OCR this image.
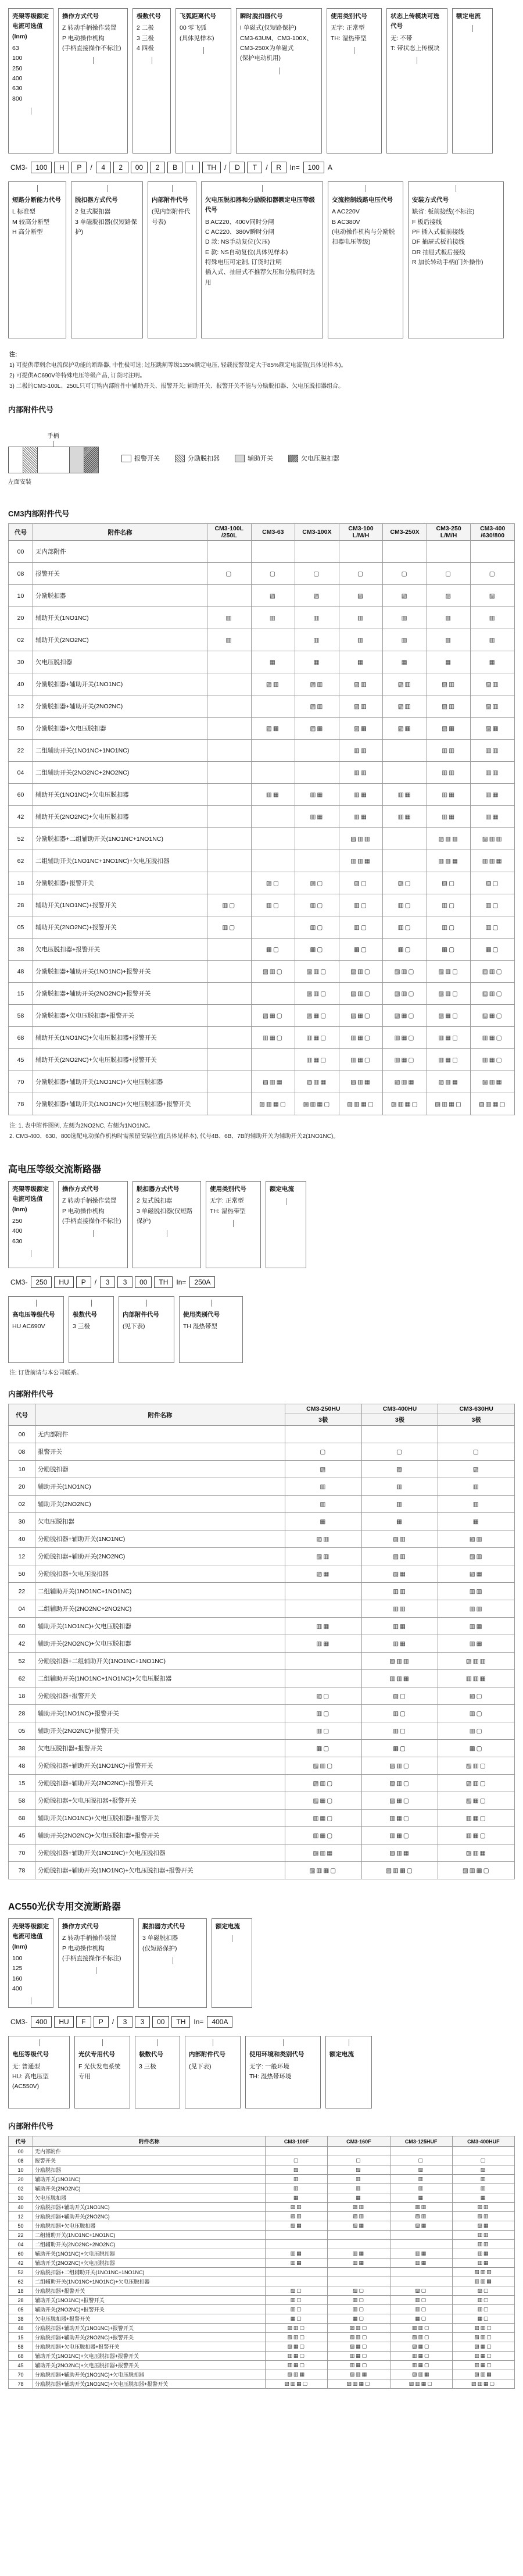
壳架等级额定电流可选值(Inm)
63
100
250
400
630
800
操作方式代号
Z 转动手柄操作装置
P 电动操作机构
(手柄直接操作不标注)
极数代号
2 二极
3 三极
4 四极
飞弧距离代号
00 零飞弧
(具体见样本)
瞬时脱扣器代号
I 单磁式(仅短路保护)
CM3-63UM、CM3-100X、
CM3-250X为单磁式
(保护电动机用)
使用类别代号
无字: 正常型
TH: 湿热带型
状态上传模块可选代号
无: 不带
T: 带状态上传模块
额定电流
CM3-	100	H	P	/	4	2	00	2	B	I	TH	/	D	T	/	R	In=	100	A
短路分断能力代号
L 标准型
M 较高分断型
H 高分断型
脱扣器方式代号
2 复式脱扣器
3 单磁脱扣器(仅短路保护)
内部附件代号
(见内部附件代号表)
欠电压脱扣器和分励脱扣器额定电压等级代号
B AC220、400V同时分闸
C AC220、380V瞬时分闸
D 款: NS手动复位(欠压)
E 款: NS自动复位(具体见样本)
特殊电压可定制, 订货时注明
插入式、抽屉式不推荐欠压和分励同时选用
交流控制线路电压代号
A AC220V
B AC380V
(电动操作机构与分励脱扣器电压等级)
安装方式代号
缺省: 板前接线(不标注)
F 板后接线
PF 插入式板前接线
DF 抽屉式板前接线
DR 抽屉式板后接线
R 加长转动手柄(门外操作)
注:
1) 可提供带剩余电流保护功能的断路器, 中性极可选; 过压跳闸等级135%额定电压, 轻载报警设定大于85%额定电流值(具体见样本)。
2) 可提供AC690V等特殊电压等级产品, 订货时注明。
3) 二极的CM3-100L、250L只可订购内部附件中辅助开关、报警开关; 辅助开关、报警开关不能与分励脱扣器、欠电压脱扣器组合。
内部附件代号
手柄
左面安装
报警开关	分励脱扣器	辅助开关	欠电压脱扣器
CM3内部附件代号
代号	附件名称	CM3-100L /250L	CM3-63	CM3-100X	CM3-100 L/M/H	CM3-250X	CM3-250 L/M/H	CM3-400 /630/800
00	无内部附件							
08	报警开关	▢	▢	▢	▢	▢	▢	▢
10	分励脱扣器		▨	▨	▨	▨	▨	▨
20	辅助开关(1NO1NC)	▥	▥	▥	▥	▥	▥	▥
02	辅助开关(2NO2NC)	▥		▥	▥	▥	▥	▥
30	欠电压脱扣器		▦	▦	▦	▦	▦	▦
40	分励脱扣器+辅助开关(1NO1NC)		▨▥	▨▥	▨▥	▨▥	▨▥	▨▥
12	分励脱扣器+辅助开关(2NO2NC)			▨▥	▨▥	▨▥	▨▥	▨▥
50	分励脱扣器+欠电压脱扣器		▨▦	▨▦	▨▦	▨▦	▨▦	▨▦
22	二组辅助开关(1NO1NC+1NO1NC)				▥▥		▥▥	▥▥
04	二组辅助开关(2NO2NC+2NO2NC)				▥▥		▥▥	▥▥
60	辅助开关(1NO1NC)+欠电压脱扣器		▥▦	▥▦	▥▦	▥▦	▥▦	▥▦
42	辅助开关(2NO2NC)+欠电压脱扣器			▥▦	▥▦	▥▦	▥▦	▥▦
52	分励脱扣器+二组辅助开关(1NO1NC+1NO1NC)				▨▥▥		▨▥▥	▨▥▥
62	二组辅助开关(1NO1NC+1NO1NC)+欠电压脱扣器				▥▥▦		▥▥▦	▥▥▦
18	分励脱扣器+报警开关		▨▢	▨▢	▨▢	▨▢	▨▢	▨▢
28	辅助开关(1NO1NC)+报警开关	▥▢	▥▢	▥▢	▥▢	▥▢	▥▢	▥▢
05	辅助开关(2NO2NC)+报警开关	▥▢		▥▢	▥▢	▥▢	▥▢	▥▢
38	欠电压脱扣器+报警开关		▦▢	▦▢	▦▢	▦▢	▦▢	▦▢
48	分励脱扣器+辅助开关(1NO1NC)+报警开关		▨▥▢	▨▥▢	▨▥▢	▨▥▢	▨▥▢	▨▥▢
15	分励脱扣器+辅助开关(2NO2NC)+报警开关			▨▥▢	▨▥▢	▨▥▢	▨▥▢	▨▥▢
58	分励脱扣器+欠电压脱扣器+报警开关		▨▦▢	▨▦▢	▨▦▢	▨▦▢	▨▦▢	▨▦▢
68	辅助开关(1NO1NC)+欠电压脱扣器+报警开关		▥▦▢	▥▦▢	▥▦▢	▥▦▢	▥▦▢	▥▦▢
45	辅助开关(2NO2NC)+欠电压脱扣器+报警开关			▥▦▢	▥▦▢	▥▦▢	▥▦▢	▥▦▢
70	分励脱扣器+辅助开关(1NO1NC)+欠电压脱扣器		▨▥▦	▨▥▦	▨▥▦	▨▥▦	▨▥▦	▨▥▦
78	分励脱扣器+辅助开关(1NO1NC)+欠电压脱扣器+报警开关		▨▥▦▢	▨▥▦▢	▨▥▦▢	▨▥▦▢	▨▥▦▢	▨▥▦▢
注: 1. 表中附件图例, 左侧为2NO2NC, 右侧为1NO1NC。
2. CM3-400、630、800选配电动操作机构时需预留安装位置(具体见样本), 代号4B、6B、7B的辅助开关为辅助开关2(1NO1NC)。
高电压等级交流断路器
壳架等级额定电流可选值(Inm)
250
400
630
操作方式代号
Z 转动手柄操作装置
P 电动操作机构
(手柄直接操作不标注)
脱扣器方式代号
2 复式脱扣器
3 单磁脱扣器(仅短路保护)
使用类别代号
无字: 正常型
TH: 湿热带型
额定电流
CM3-	250	HU	P	/	3	3	00	TH	In=	250A
高电压等级代号
HU AC690V
极数代号
3 三极
内部附件代号
(见下表)
使用类别代号
TH 湿热带型
注: 订货前请与本公司联系。
内部附件代号
代号	附件名称	CM3-250HU	CM3-400HU	CM3-630HU
		3极	3极	3极
00	无内部附件			
08	报警开关	▢	▢	▢
10	分励脱扣器	▨	▨	▨
20	辅助开关(1NO1NC)	▥	▥	▥
02	辅助开关(2NO2NC)	▥	▥	▥
30	欠电压脱扣器	▦	▦	▦
40	分励脱扣器+辅助开关(1NO1NC)	▨▥	▨▥	▨▥
12	分励脱扣器+辅助开关(2NO2NC)	▨▥	▨▥	▨▥
50	分励脱扣器+欠电压脱扣器	▨▦	▨▦	▨▦
22	二组辅助开关(1NO1NC+1NO1NC)		▥▥	▥▥
04	二组辅助开关(2NO2NC+2NO2NC)		▥▥	▥▥
60	辅助开关(1NO1NC)+欠电压脱扣器	▥▦	▥▦	▥▦
42	辅助开关(2NO2NC)+欠电压脱扣器	▥▦	▥▦	▥▦
52	分励脱扣器+二组辅助开关(1NO1NC+1NO1NC)		▨▥▥	▨▥▥
62	二组辅助开关(1NO1NC+1NO1NC)+欠电压脱扣器		▥▥▦	▥▥▦
18	分励脱扣器+报警开关	▨▢	▨▢	▨▢
28	辅助开关(1NO1NC)+报警开关	▥▢	▥▢	▥▢
05	辅助开关(2NO2NC)+报警开关	▥▢	▥▢	▥▢
38	欠电压脱扣器+报警开关	▦▢	▦▢	▦▢
48	分励脱扣器+辅助开关(1NO1NC)+报警开关	▨▥▢	▨▥▢	▨▥▢
15	分励脱扣器+辅助开关(2NO2NC)+报警开关	▨▥▢	▨▥▢	▨▥▢
58	分励脱扣器+欠电压脱扣器+报警开关	▨▦▢	▨▦▢	▨▦▢
68	辅助开关(1NO1NC)+欠电压脱扣器+报警开关	▥▦▢	▥▦▢	▥▦▢
45	辅助开关(2NO2NC)+欠电压脱扣器+报警开关	▥▦▢	▥▦▢	▥▦▢
70	分励脱扣器+辅助开关(1NO1NC)+欠电压脱扣器	▨▥▦	▨▥▦	▨▥▦
78	分励脱扣器+辅助开关(1NO1NC)+欠电压脱扣器+报警开关	▨▥▦▢	▨▥▦▢	▨▥▦▢
AC550光伏专用交流断路器
壳架等级额定电流可选值(Inm)
100
125
160
400
操作方式代号
Z 转动手柄操作装置
P 电动操作机构
(手柄直接操作不标注)
脱扣器方式代号
3 单磁脱扣器
(仅短路保护)
额定电流
CM3-	400	HU	F	P	/	3	3	00	TH	In=	400A
电压等级代号
无: 普通型
HU: 高电压型(AC550V)
光伏专用代号
F 光伏发电系统专用
极数代号
3 三极
内部附件代号
(见下表)
使用环境和类别代号
无字: 一般环境
TH: 湿热带环境
额定电流
内部附件代号
代号	附件名称	CM3-100F	CM3-160F	CM3-125HUF	CM3-400HUF
00	无内部附件				
08	报警开关	▢	▢	▢	▢
10	分励脱扣器	▨	▨	▨	▨
20	辅助开关(1NO1NC)	▥	▥	▥	▥
02	辅助开关(2NO2NC)	▥	▥	▥	▥
30	欠电压脱扣器	▦	▦	▦	▦
40	分励脱扣器+辅助开关(1NO1NC)	▨▥	▨▥	▨▥	▨▥
12	分励脱扣器+辅助开关(2NO2NC)	▨▥	▨▥	▨▥	▨▥
50	分励脱扣器+欠电压脱扣器	▨▦	▨▦	▨▦	▨▦
22	二组辅助开关(1NO1NC+1NO1NC)				▥▥
04	二组辅助开关(2NO2NC+2NO2NC)				▥▥
60	辅助开关(1NO1NC)+欠电压脱扣器	▥▦	▥▦	▥▦	▥▦
42	辅助开关(2NO2NC)+欠电压脱扣器	▥▦	▥▦	▥▦	▥▦
52	分励脱扣器+二组辅助开关(1NO1NC+1NO1NC)				▨▥▥
62	二组辅助开关(1NO1NC+1NO1NC)+欠电压脱扣器				▥▥▦
18	分励脱扣器+报警开关	▨▢	▨▢	▨▢	▨▢
28	辅助开关(1NO1NC)+报警开关	▥▢	▥▢	▥▢	▥▢
05	辅助开关(2NO2NC)+报警开关	▥▢	▥▢	▥▢	▥▢
38	欠电压脱扣器+报警开关	▦▢	▦▢	▦▢	▦▢
48	分励脱扣器+辅助开关(1NO1NC)+报警开关	▨▥▢	▨▥▢	▨▥▢	▨▥▢
15	分励脱扣器+辅助开关(2NO2NC)+报警开关	▨▥▢	▨▥▢	▨▥▢	▨▥▢
58	分励脱扣器+欠电压脱扣器+报警开关	▨▦▢	▨▦▢	▨▦▢	▨▦▢
68	辅助开关(1NO1NC)+欠电压脱扣器+报警开关	▥▦▢	▥▦▢	▥▦▢	▥▦▢
45	辅助开关(2NO2NC)+欠电压脱扣器+报警开关	▥▦▢	▥▦▢	▥▦▢	▥▦▢
70	分励脱扣器+辅助开关(1NO1NC)+欠电压脱扣器	▨▥▦	▨▥▦	▨▥▦	▨▥▦
78	分励脱扣器+辅助开关(1NO1NC)+欠电压脱扣器+报警开关	▨▥▦▢	▨▥▦▢	▨▥▦▢	▨▥▦▢
